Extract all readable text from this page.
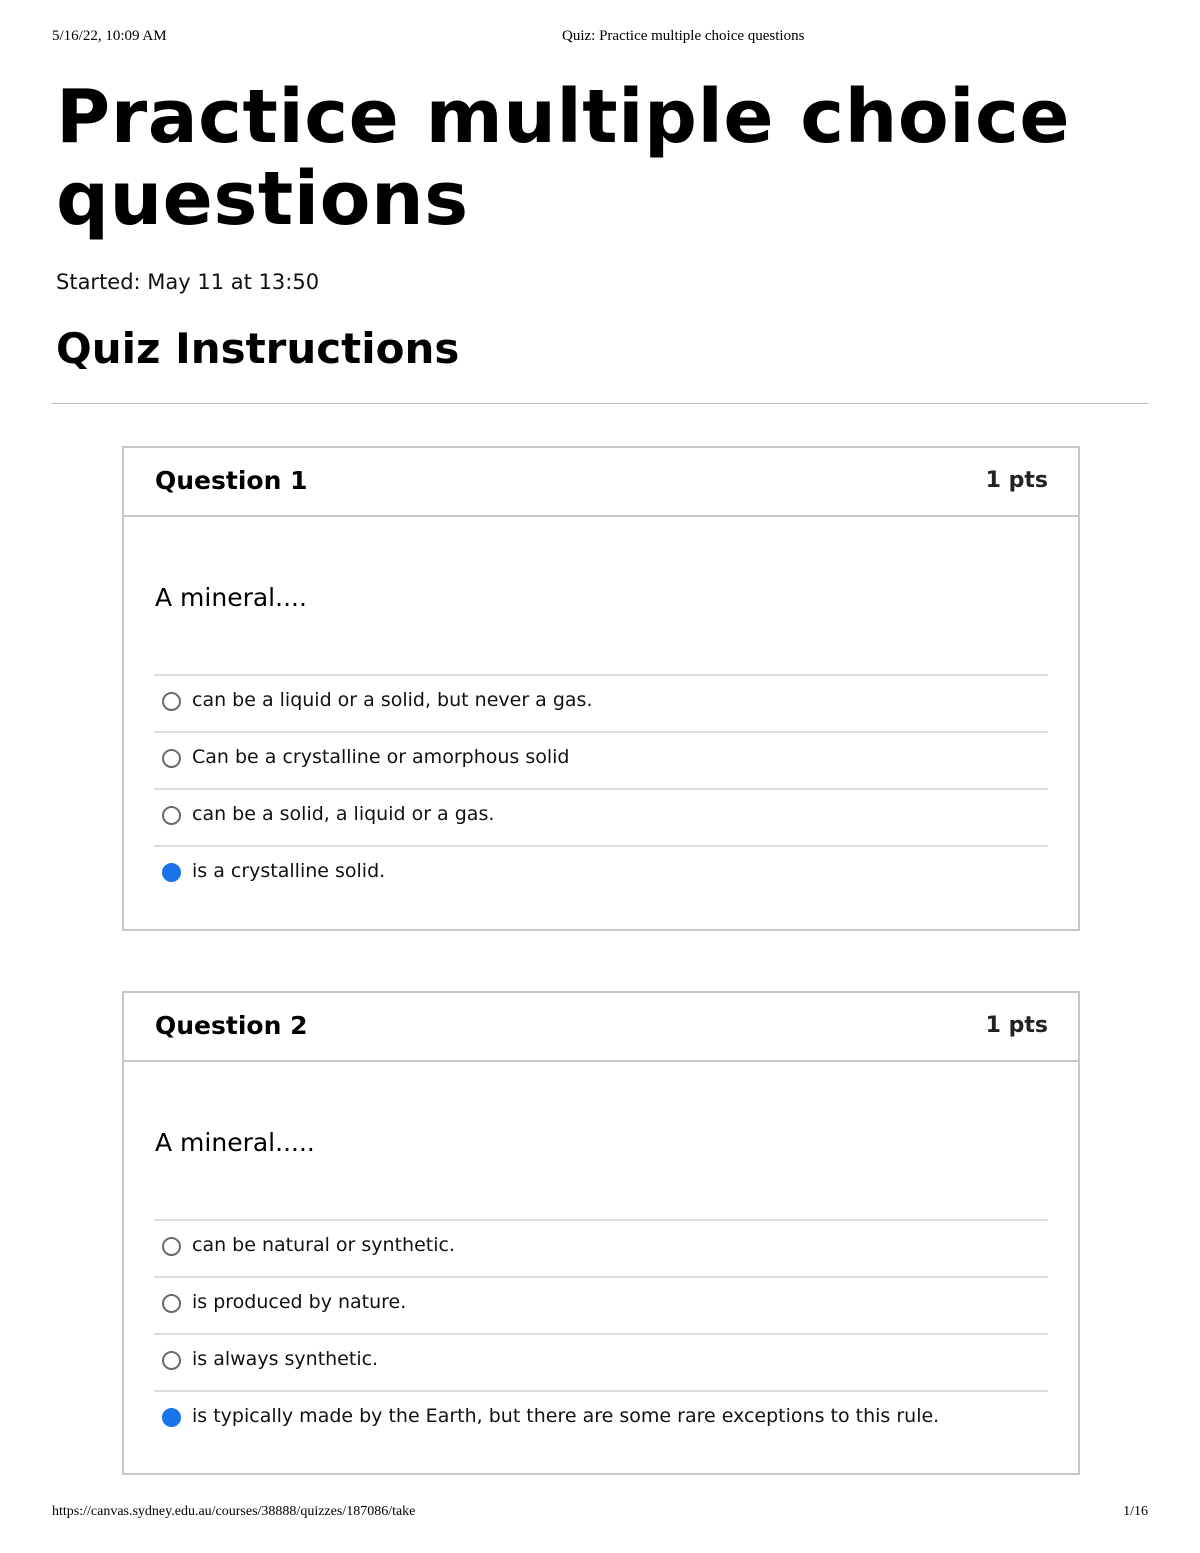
5/16/22, 10:09 AM	Quiz: Practice multiple choice questions
Practice multiple choice questions
Started: May 11 at 13:50
Quiz Instructions
Question 1	1 pts
A mineral....
can be a liquid or a solid, but never a gas.
Can be a crystalline or amorphous solid
can be a solid, a liquid or a gas.
is a crystalline solid.
Question 2	1 pts
A mineral.....
can be natural or synthetic.
is produced by nature.
is always synthetic.
is typically made by the Earth, but there are some rare exceptions to this rule.
https://canvas.sydney.edu.au/courses/38888/quizzes/187086/take	1/16
